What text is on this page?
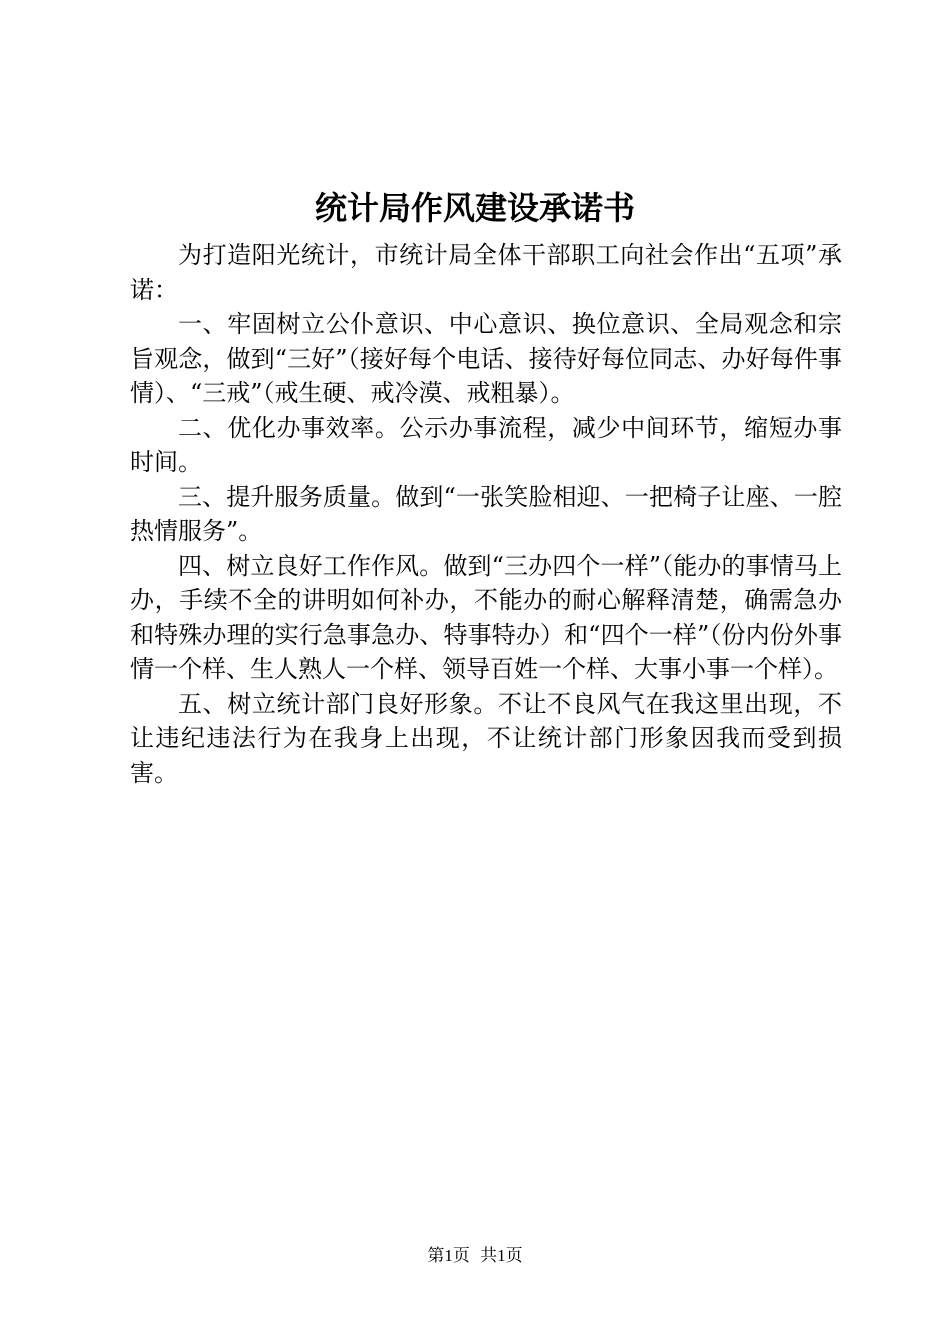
统计局作风建设承诺书

为打造阳光统计，市统计局全体干部职工向社会作出“五项”承诺：

一、牢固树立公仆意识、中心意识、换位意识、全局观念和宗旨观念，做到“三好”（接好每个电话、接待好每位同志、办好每件事情）、“三戒”（戒生硬、戒冷漠、戒粗暴）。

二、优化办事效率。公示办事流程，减少中间环节，缩短办事时间。

三、提升服务质量。做到“一张笑脸相迎、一把椅子让座、一腔热情服务”。

四、树立良好工作作风。做到“三办四个一样”（能办的事情马上办，手续不全的讲明如何补办，不能办的耐心解释清楚，确需急办和特殊办理的实行急事急办、特事特办）和“四个一样”（份内份外事情一个样、生人熟人一个样、领导百姓一个样、大事小事一个样）。

五、树立统计部门良好形象。不让不良风气在我这里出现，不让违纪违法行为在我身上出现，不让统计部门形象因我而受到损害。

第1页 共1页
